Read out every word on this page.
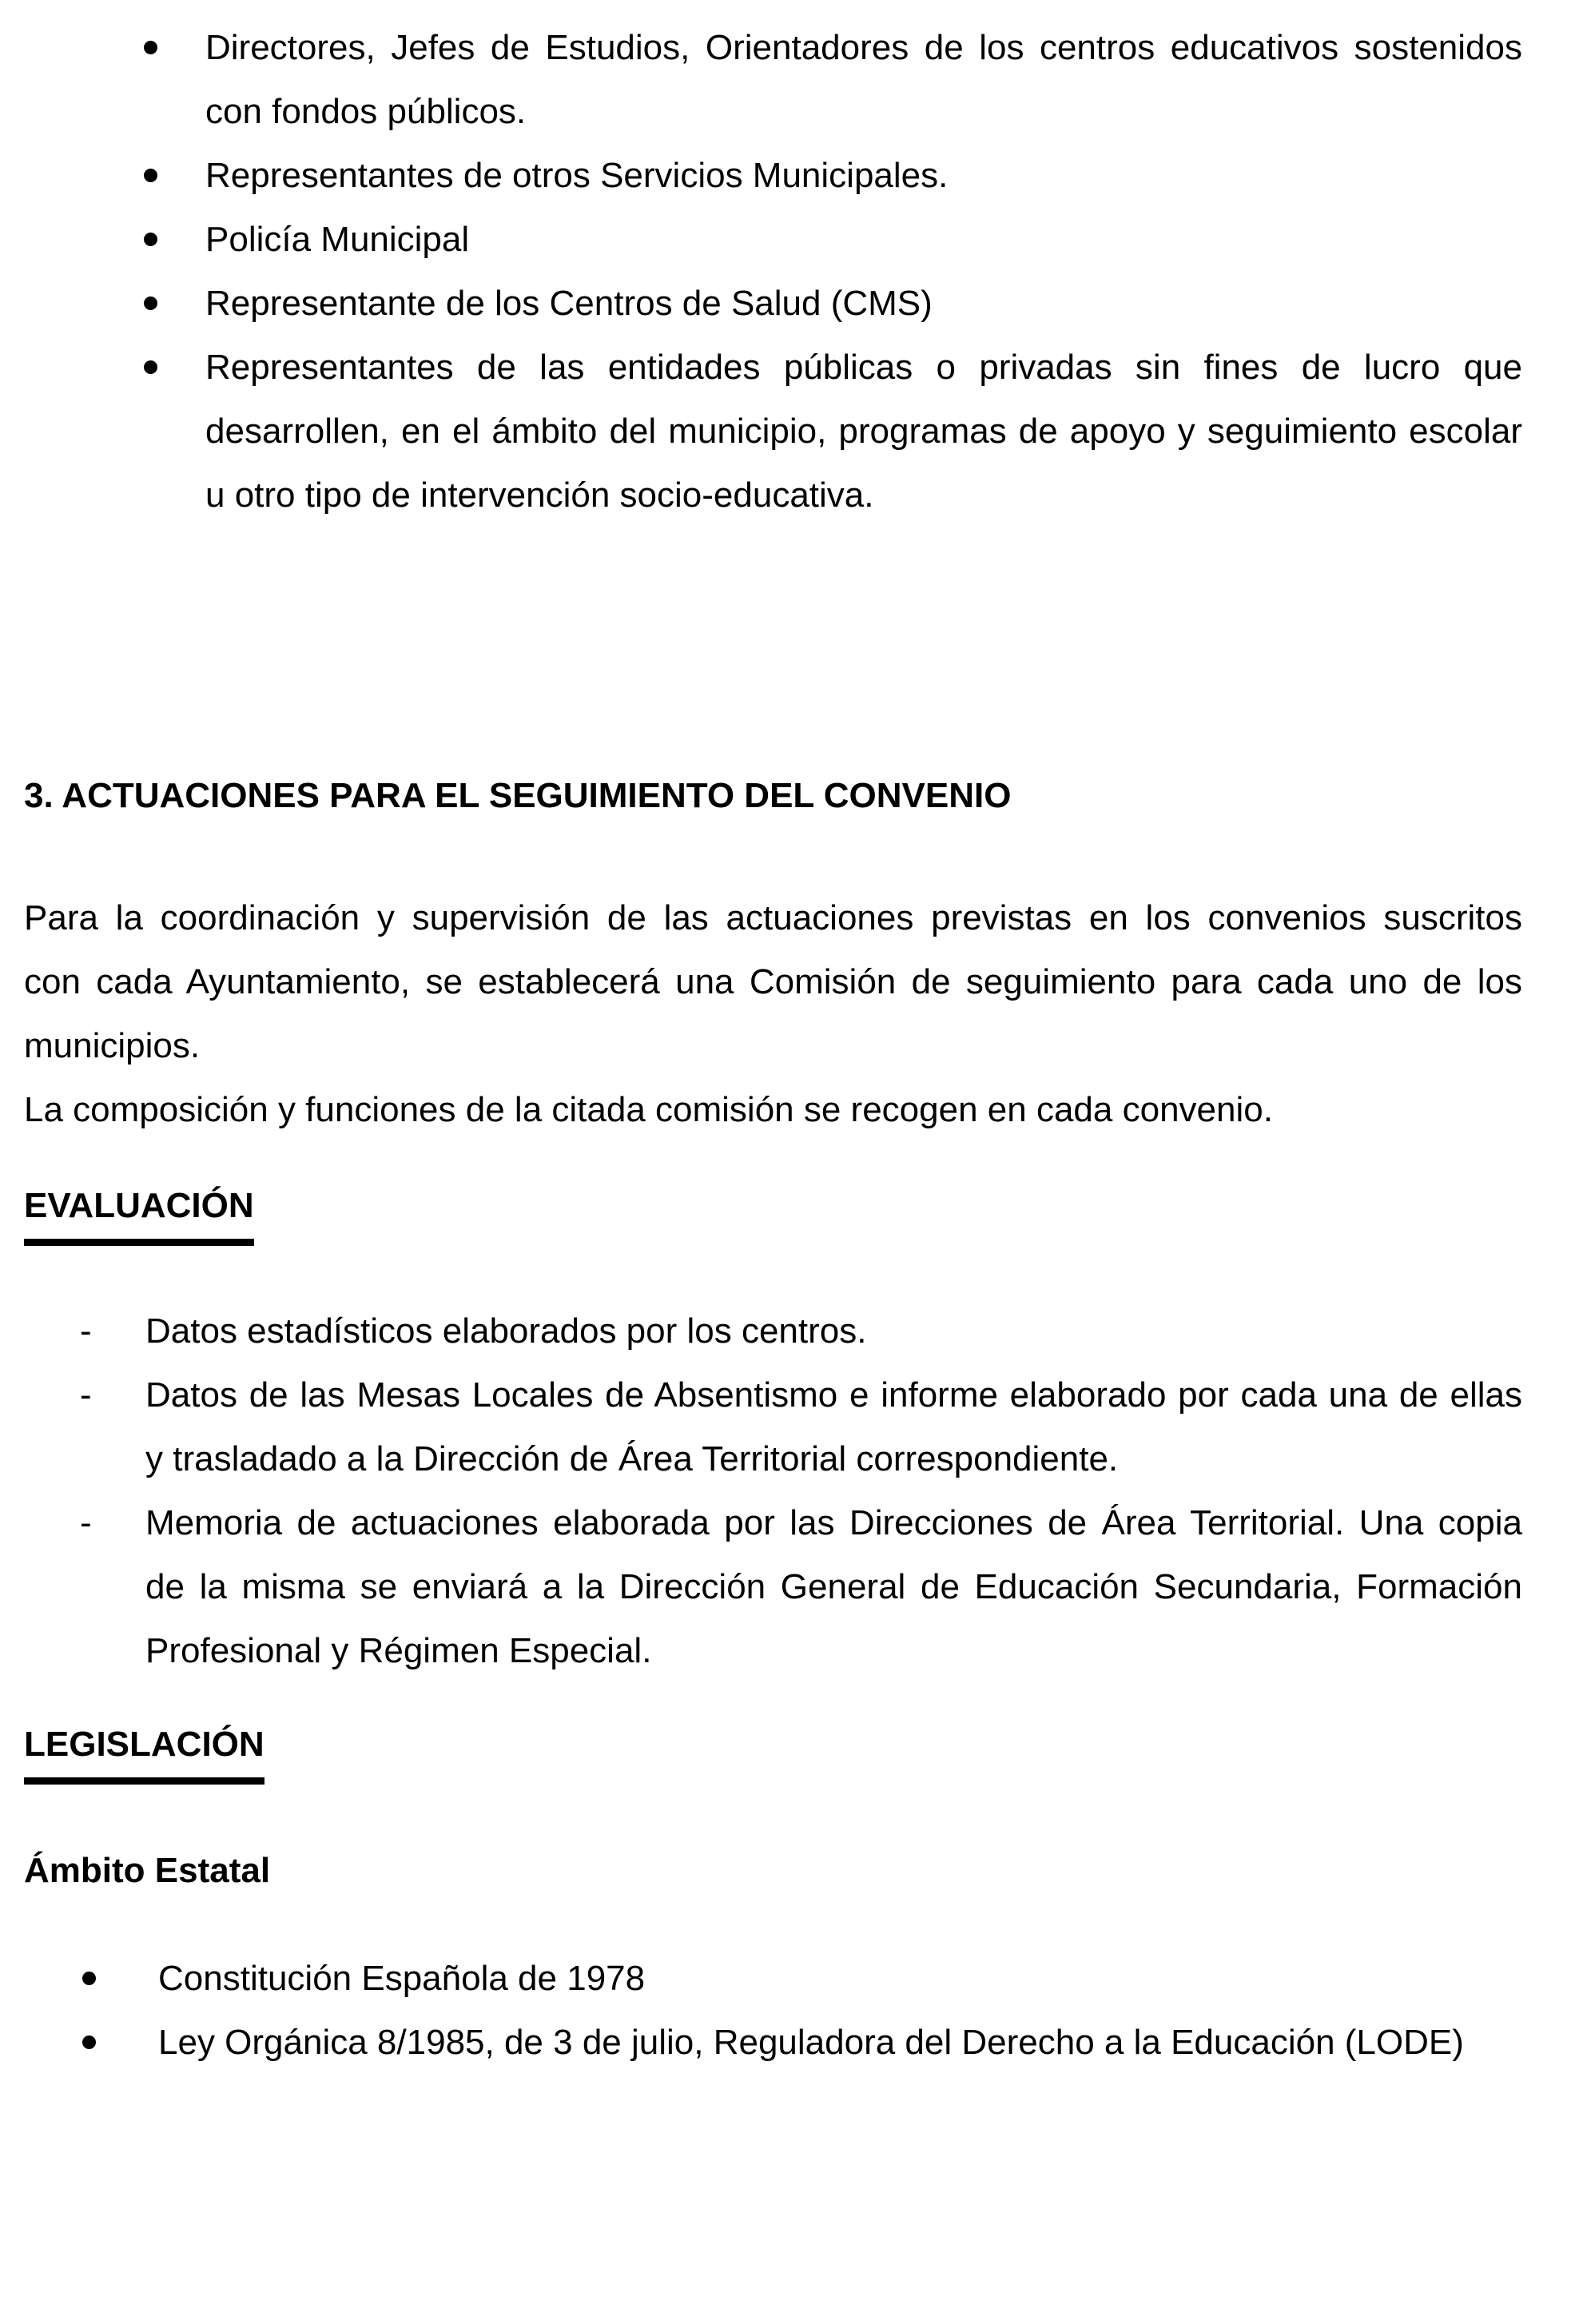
Directores, Jefes de Estudios, Orientadores de los centros educativos sostenidos
con fondos públicos.
Representantes de otros Servicios Municipales.
Policía Municipal
Representante de los Centros de Salud (CMS)
Representantes de las entidades públicas o privadas sin fines de lucro que
desarrollen, en el ámbito del municipio, programas de apoyo y seguimiento escolar
u otro tipo de intervención socio-educativa.
3. ACTUACIONES PARA EL SEGUIMIENTO DEL CONVENIO
Para la coordinación y supervisión de las actuaciones previstas en los convenios suscritos
con cada Ayuntamiento, se establecerá una Comisión de seguimiento para cada uno de los
municipios.
La composición y funciones de la citada comisión se recogen en cada convenio.
EVALUACIÓN
- Datos estadísticos elaborados por los centros.
- Datos de las Mesas Locales de Absentismo e informe elaborado por cada una de ellas
y trasladado a la Dirección de Área Territorial correspondiente.
- Memoria de actuaciones elaborada por las Direcciones de Área Territorial. Una copia
de la misma se enviará a la Dirección General de Educación Secundaria, Formación
Profesional y Régimen Especial.
LEGISLACIÓN
Ámbito Estatal
Constitución Española de 1978
Ley Orgánica 8/1985, de 3 de julio, Reguladora del Derecho a la Educación (LODE)
